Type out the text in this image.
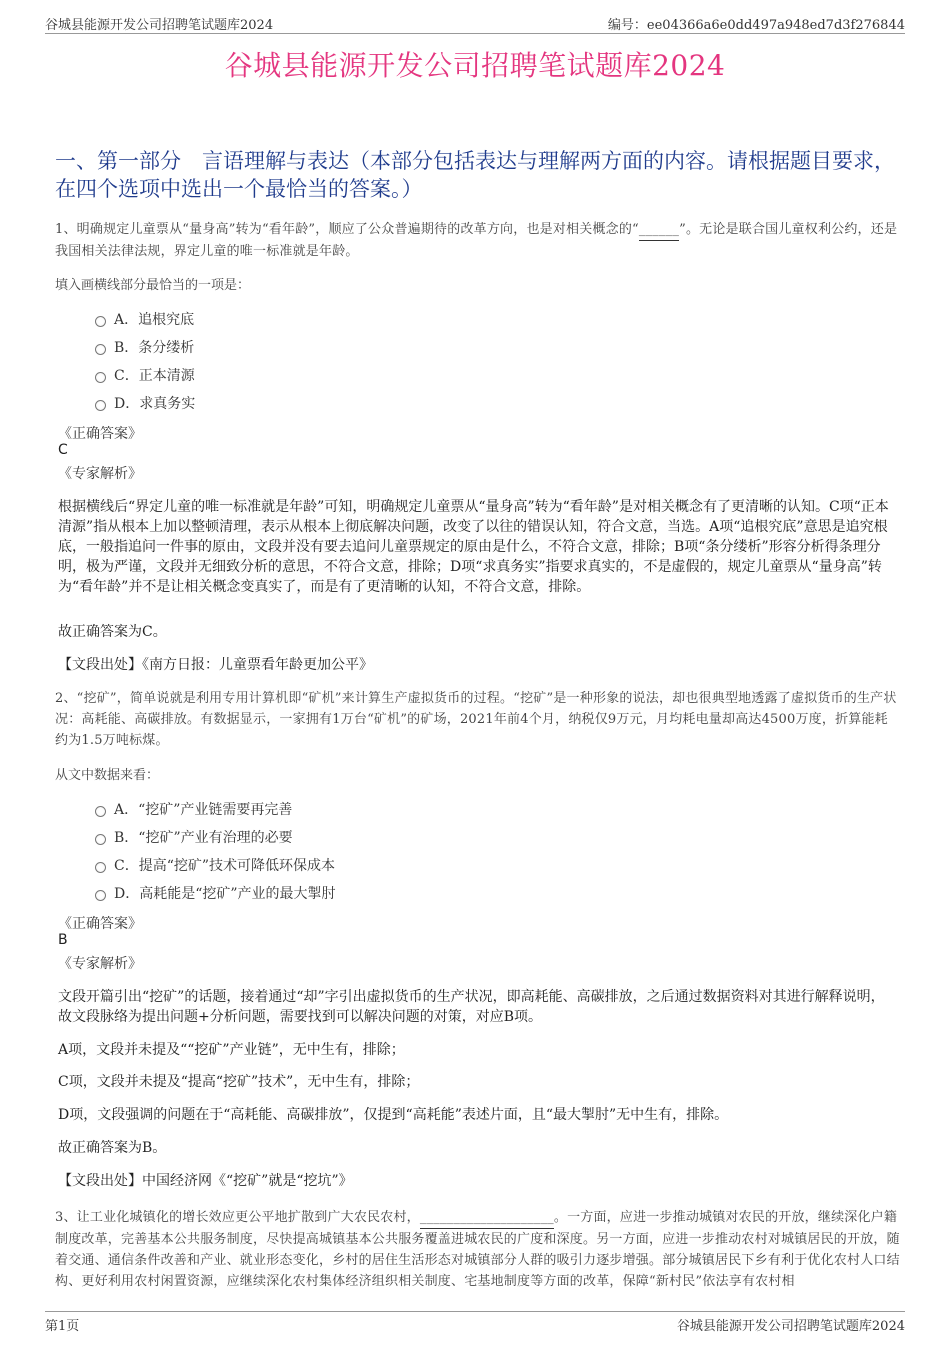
谷城县能源开发公司招聘笔试题库2024	编号：ee04366a6e0dd497a948ed7d3f276844
谷城县能源开发公司招聘笔试题库2024
一、第一部分　言语理解与表达（本部分包括表达与理解两方面的内容。请根据题目要求，在四个选项中选出一个最恰当的答案。）
1、明确规定儿童票从“量身高”转为“看年龄”，顺应了公众普遍期待的改革方向，也是对相关概念的“______”。无论是联合国儿童权利公约，还是我国相关法律法规，界定儿童的唯一标准就是年龄。
填入画横线部分最恰当的一项是：
A．追根究底
B．条分缕析
C．正本清源
D．求真务实
《正确答案》
C
《专家解析》
根据横线后“界定儿童的唯一标准就是年龄”可知，明确规定儿童票从“量身高”转为“看年龄”是对相关概念有了更清晰的认知。C项“正本清源”指从根本上加以整顿清理，表示从根本上彻底解决问题，改变了以往的错误认知，符合文意，当选。A项“追根究底”意思是追究根底，一般指追问一件事的原由，文段并没有要去追问儿童票规定的原由是什么，不符合文意，排除；B项“条分缕析”形容分析得条理分明，极为严谨，文段并无细致分析的意思，不符合文意，排除；D项“求真务实”指要求真实的，不是虚假的，规定儿童票从“量身高”转为“看年龄”并不是让相关概念变真实了，而是有了更清晰的认知，不符合文意，排除。
故正确答案为C。
【文段出处】《南方日报：儿童票看年龄更加公平》
2、“挖矿”，简单说就是利用专用计算机即“矿机”来计算生产虚拟货币的过程。“挖矿”是一种形象的说法，却也很典型地透露了虚拟货币的生产状况：高耗能、高碳排放。有数据显示，一家拥有1万台“矿机”的矿场，2021年前4个月，纳税仅9万元，月均耗电量却高达4500万度，折算能耗约为1.5万吨标煤。
从文中数据来看：
A．“挖矿”产业链需要再完善
B．“挖矿”产业有治理的必要
C．提高“挖矿”技术可降低环保成本
D．高耗能是“挖矿”产业的最大掣肘
《正确答案》
B
《专家解析》
文段开篇引出“挖矿”的话题，接着通过“却”字引出虚拟货币的生产状况，即高耗能、高碳排放，之后通过数据资料对其进行解释说明，故文段脉络为提出问题+分析问题，需要找到可以解决问题的对策，对应B项。
A项，文段并未提及““挖矿”产业链”，无中生有，排除；
C项，文段并未提及“提高“挖矿”技术”，无中生有，排除；
D项，文段强调的问题在于“高耗能、高碳排放”，仅提到“高耗能”表述片面，且“最大掣肘”无中生有，排除。
故正确答案为B。
【文段出处】中国经济网《“挖矿”就是“挖坑”》
3、让工业化城镇化的增长效应更公平地扩散到广大农民农村，____________________。一方面，应进一步推动城镇对农民的开放，继续深化户籍制度改革，完善基本公共服务制度，尽快提高城镇基本公共服务覆盖进城农民的广度和深度。另一方面，应进一步推动农村对城镇居民的开放，随着交通、通信条件改善和产业、就业形态变化，乡村的居住生活形态对城镇部分人群的吸引力逐步增强。部分城镇居民下乡有利于优化农村人口结构、更好利用农村闲置资源，应继续深化农村集体经济组织相关制度、宅基地制度等方面的改革，保障“新村民”依法享有农村相
第1页	谷城县能源开发公司招聘笔试题库2024
